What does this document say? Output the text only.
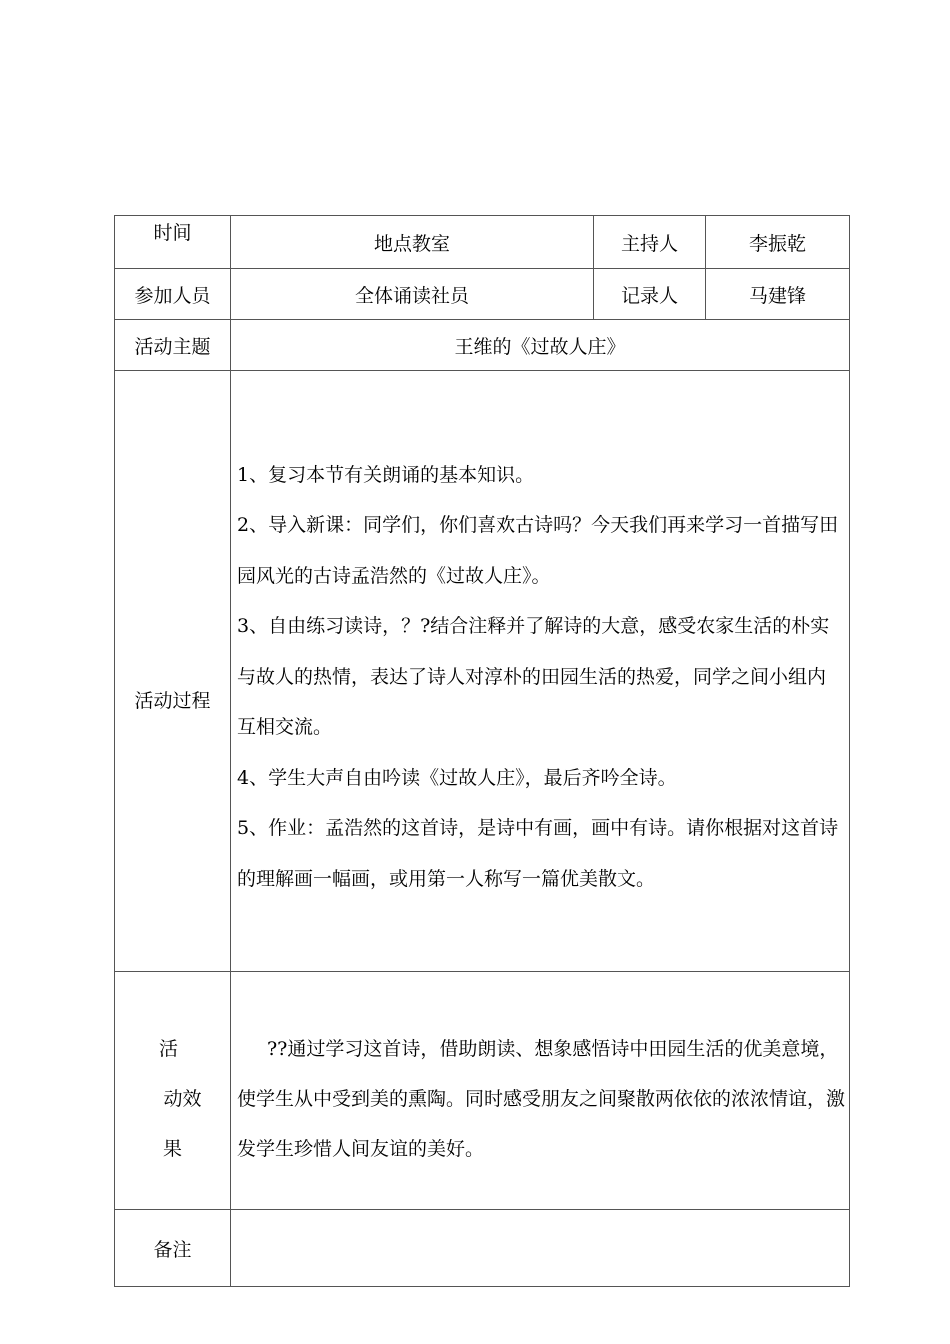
时间	地点教室	主持人	李振乾
参加人员	全体诵读社员	记录人	马建锋
活动主题	王维的《过故人庄》		
活动过程	1、复习本节有关朗诵的基本知识。

2、导入新课：同学们，你们喜欢古诗吗？今天我们再来学习一首描写田园风光的古诗孟浩然的《过故人庄》。

3、自由练习读诗，？?结合注释并了解诗的大意，感受农家生活的朴实与故人的热情，表达了诗人对淳朴的田园生活的热爱，同学之间小组内互相交流。

4、学生大声自由吟读《过故人庄》，最后齐吟全诗。

5、作业：孟浩然的这首诗，是诗中有画，画中有诗。请你根据对这首诗的理解画一幅画，或用第一人称写一篇优美散文。		

活
动效
果	??通过学习这首诗，借助朗读、想象感悟诗中田园生活的优美意境，使学生从中受到美的熏陶。同时感受朋友之间聚散两依依的浓浓情谊，激发学生珍惜人间友谊的美好。		
备注			
